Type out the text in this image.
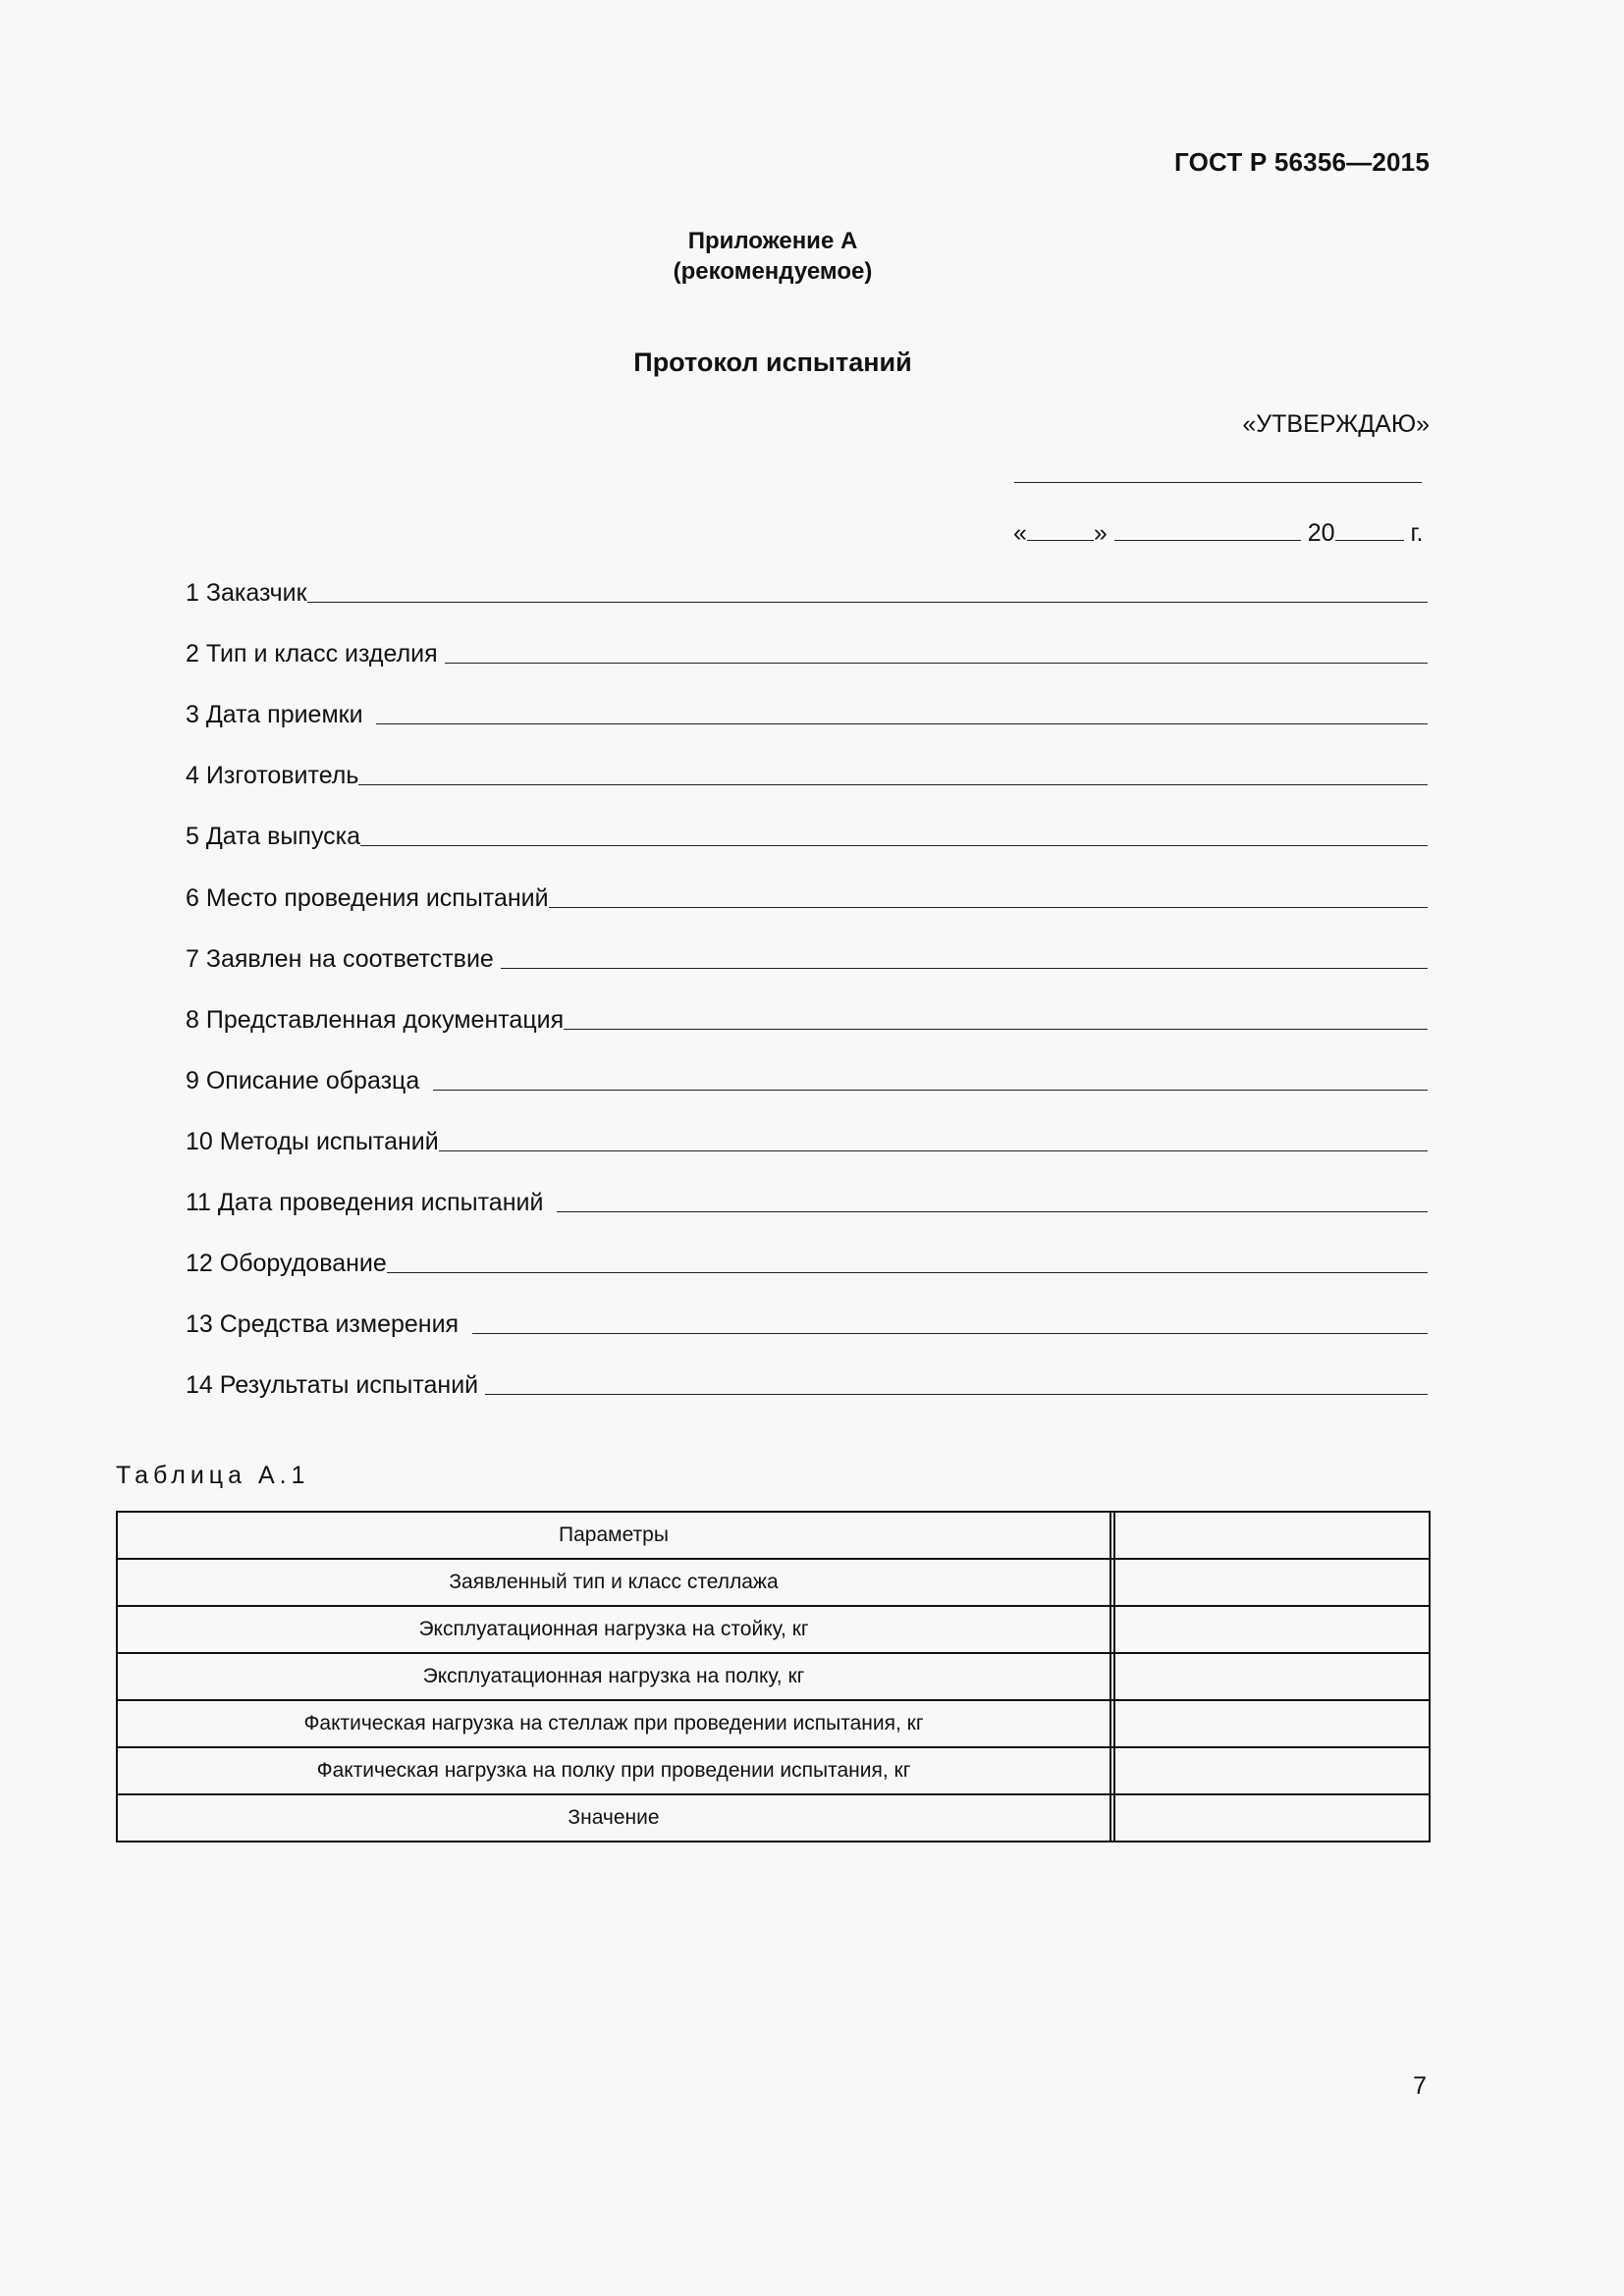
ГОСТ Р 56356—2015
Приложение А
(рекомендуемое)
Протокол испытаний
«УТВЕРЖДАЮ»
«	»	20	г.
1 Заказчик
2 Тип и класс изделия
3 Дата приемки
4 Изготовитель
5 Дата выпуска
6 Место проведения испытаний
7 Заявлен на соответствие
8 Представленная документация
9 Описание образца
10 Методы испытаний
11 Дата проведения испытаний
12 Оборудование
13 Средства измерения
14 Результаты испытаний
Таблица А.1
Параметры		
Заявленный тип и класс стеллажа		
Эксплуатационная нагрузка на стойку, кг		
Эксплуатационная нагрузка на полку, кг		
Фактическая нагрузка на стеллаж при проведении испытания, кг		
Фактическая нагрузка на полку при проведении испытания, кг		
Значение		
7
